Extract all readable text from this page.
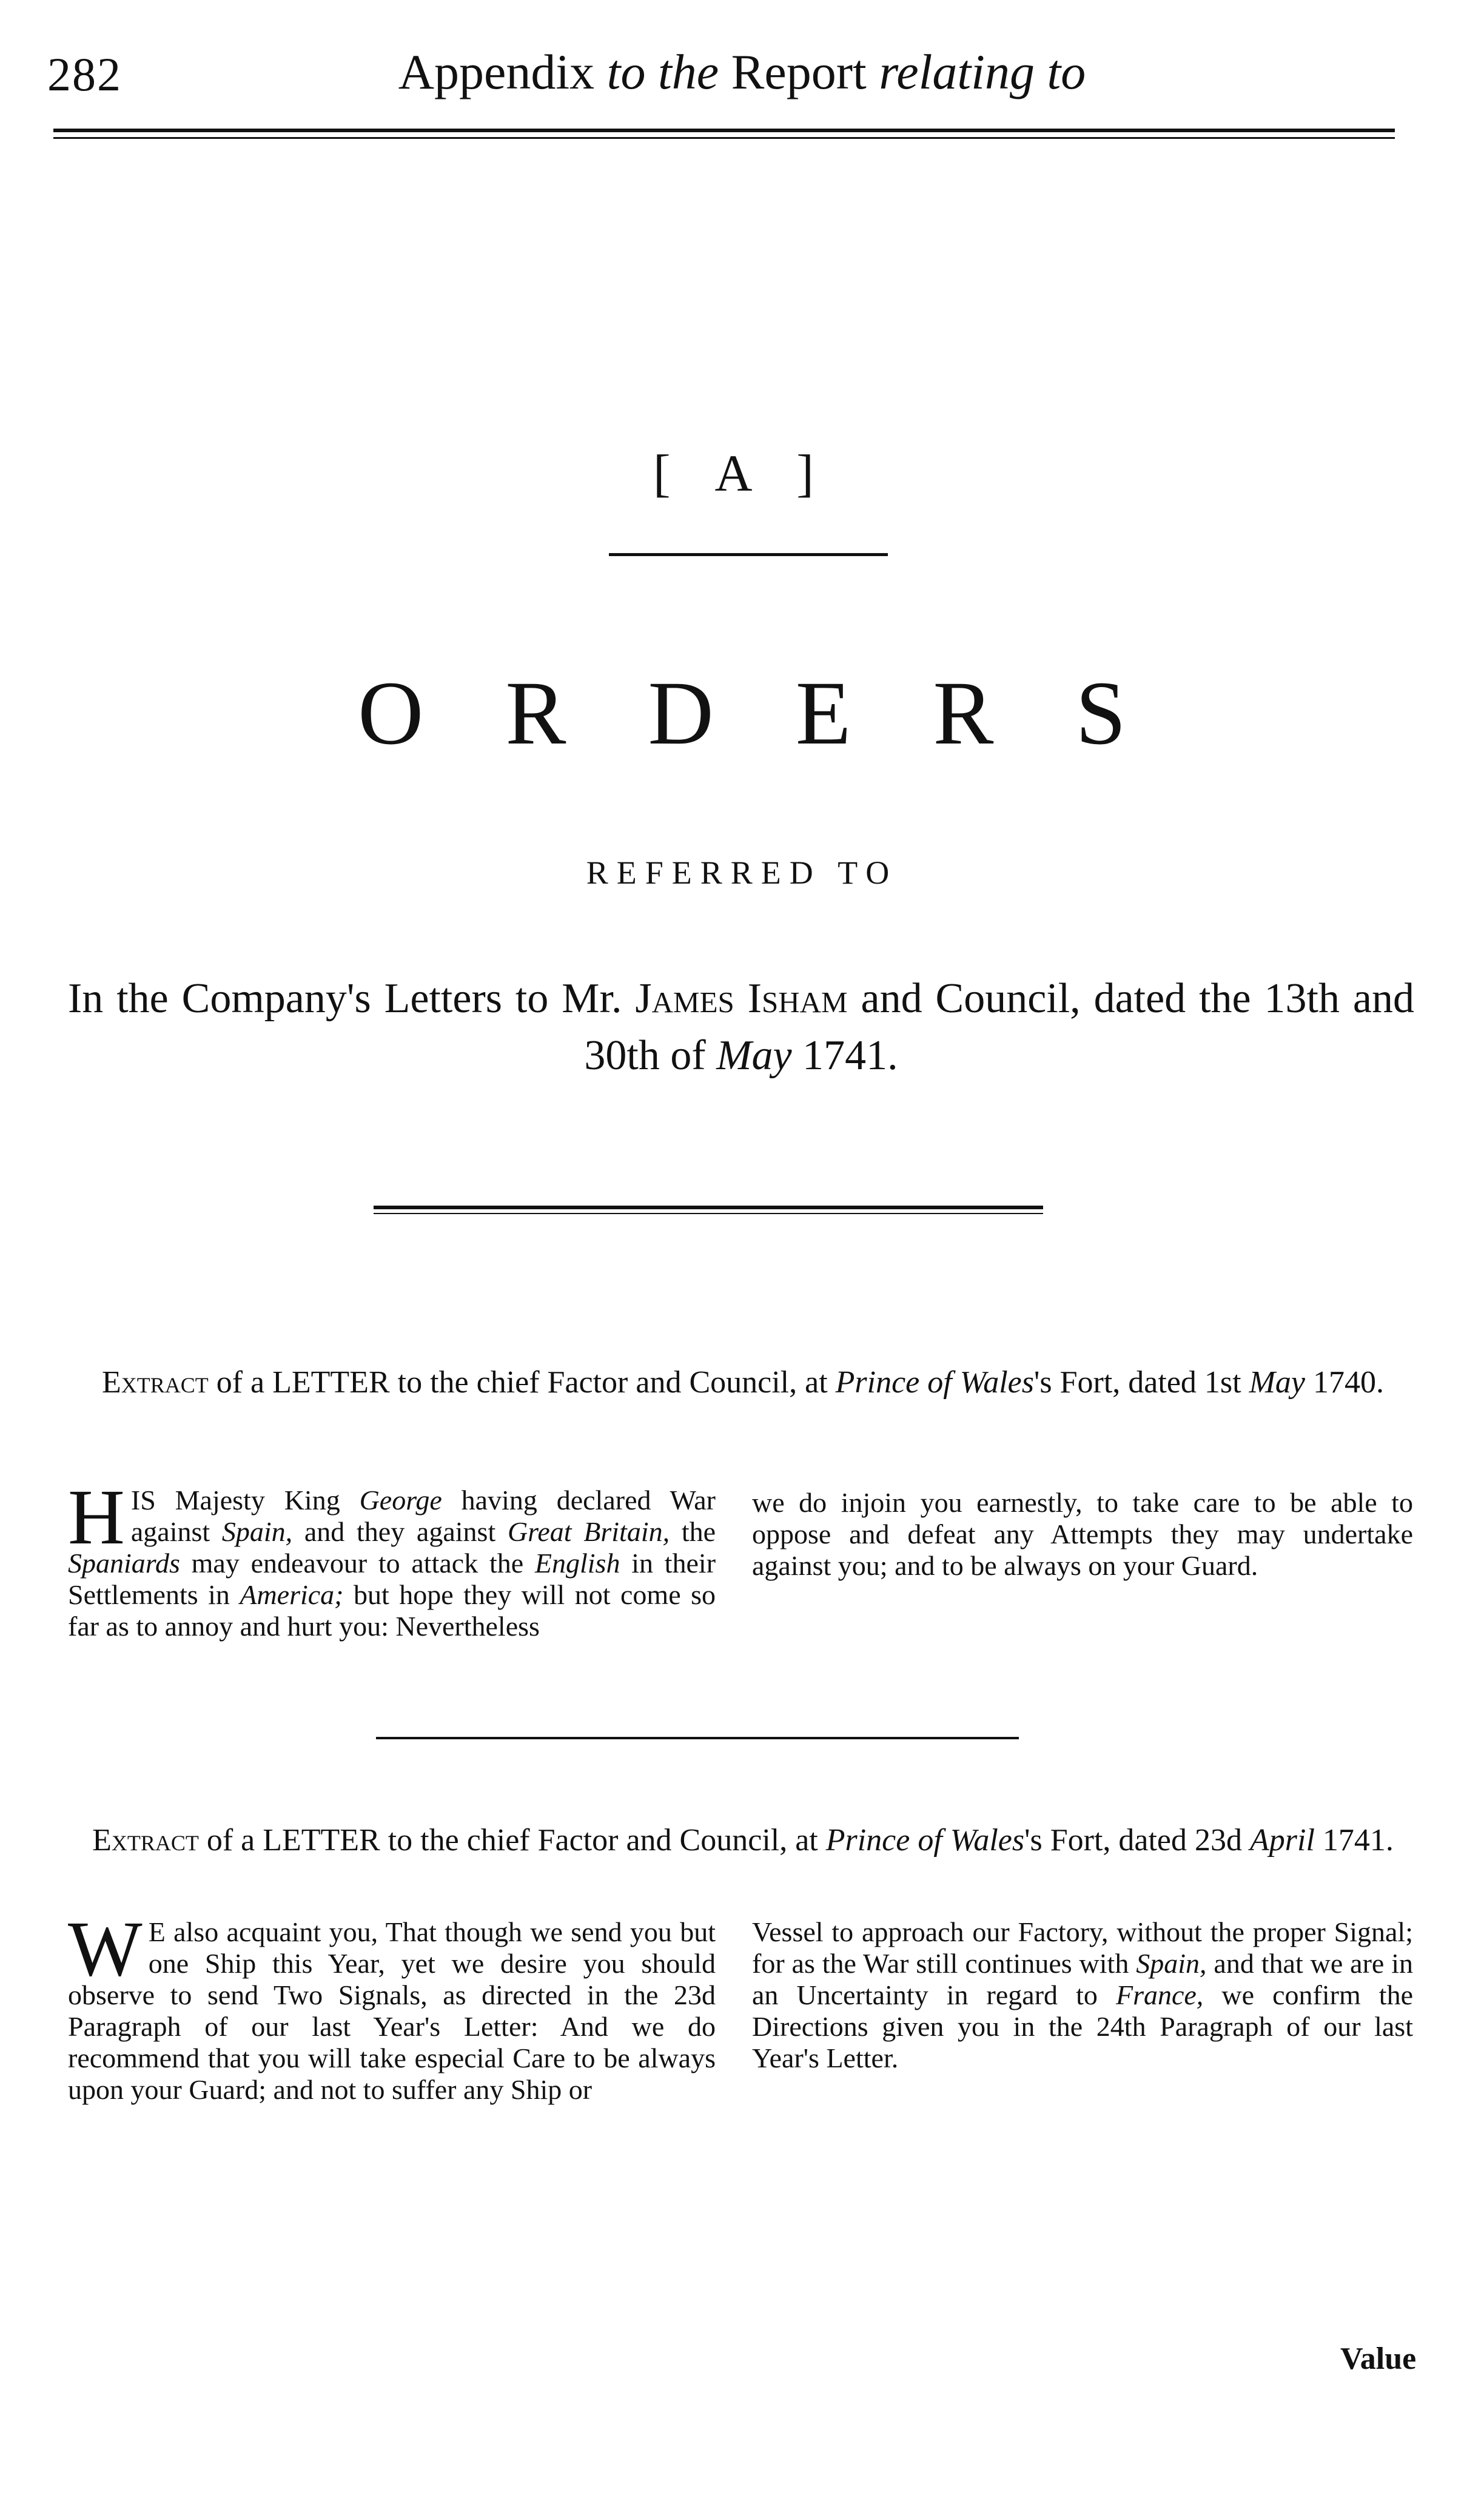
282	Appendix to the Report relating to
[ A ]
ORDERS
REFERRED TO
In the Company's Letters to Mr. James Isham and Council, dated the 13th and 30th of May 1741.
Extract of a LETTER to the chief Factor and Council, at Prince of Wales's Fort, dated 1st May 1740.
HIS Majesty King George having declared War against Spain, and they against Great Britain, the Spaniards may endeavour to attack the English in their Settlements in America; but hope they will not come so far as to annoy and hurt you: Nevertheless
we do injoin you earnestly, to take care to be able to oppose and defeat any Attempts they may undertake against you; and to be always on your Guard.
Extract of a LETTER to the chief Factor and Council, at Prince of Wales's Fort, dated 23d April 1741.
W E also acquaint you, That though we send you but one Ship this Year, yet we desire you should observe to send Two Signals, as directed in the 23d Paragraph of our last Year's Letter: And we do recommend that you will take especial Care to be always upon your Guard; and not to suffer any Ship or
Vessel to approach our Factory, without the proper Signal; for as the War still continues with Spain, and that we are in an Uncertainty in regard to France, we confirm the Directions given you in the 24th Paragraph of our last Year's Letter.
Value
